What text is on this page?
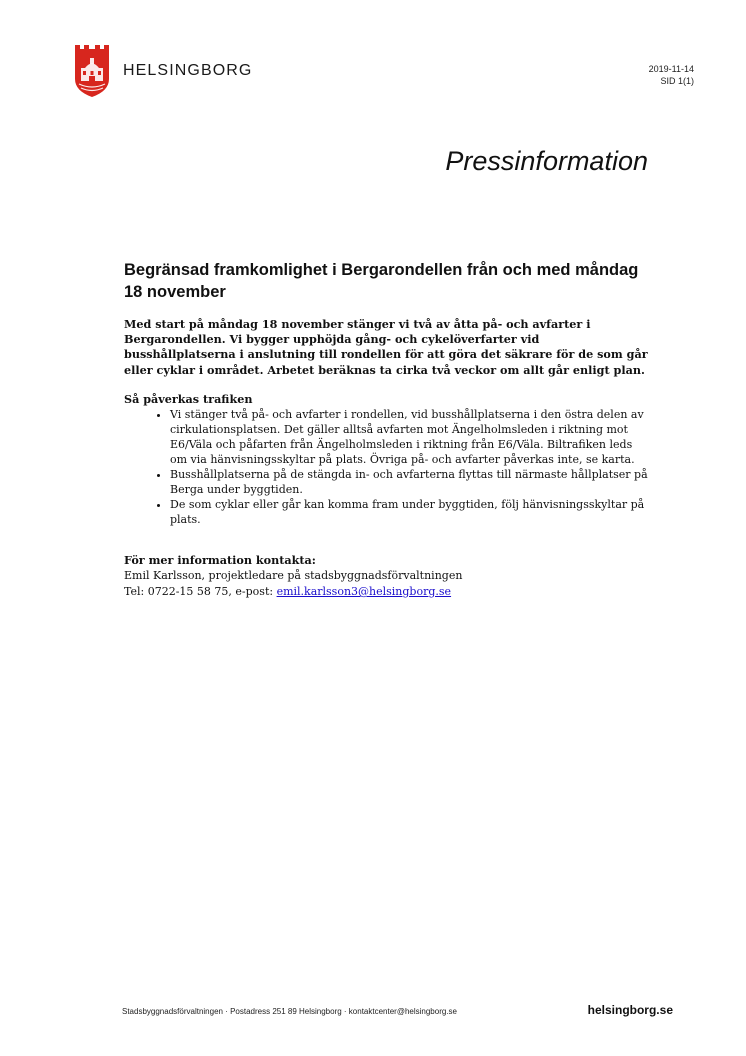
HELSINGBORG	2019-11-14
SID 1(1)
Pressinformation
Begränsad framkomlighet i Bergarondellen från och med måndag 18 november

Med start på måndag 18 november stänger vi två av åtta på- och avfarter i Bergarondellen. Vi bygger upphöjda gång- och cykelöverfarter vid busshållplatserna i anslutning till rondellen för att göra det säkrare för de som går eller cyklar i området. Arbetet beräknas ta cirka två veckor om allt går enligt plan.

Så påverkas trafiken
• Vi stänger två på- och avfarter i rondellen, vid busshållplatserna i den östra delen av cirkulationsplatsen. Det gäller alltså avfarten mot Ängelholmsleden i riktning mot E6/Väla och påfarten från Ängelholmsleden i riktning från E6/Väla. Biltrafiken leds om via hänvisningsskyltar på plats. Övriga på- och avfarter påverkas inte, se karta.
• Busshållplatserna på de stängda in- och avfarterna flyttas till närmaste hållplatser på Berga under byggtiden.
• De som cyklar eller går kan komma fram under byggtiden, följ hänvisningsskyltar på plats.
För mer information kontakta:
Emil Karlsson, projektledare på stadsbyggnadsförvaltningen
Tel: 0722-15 58 75, e-post: emil.karlsson3@helsingborg.se
Stadsbyggnadsförvaltningen · Postadress 251 89 Helsingborg · kontaktcenter@helsingborg.se	helsingborg.se
